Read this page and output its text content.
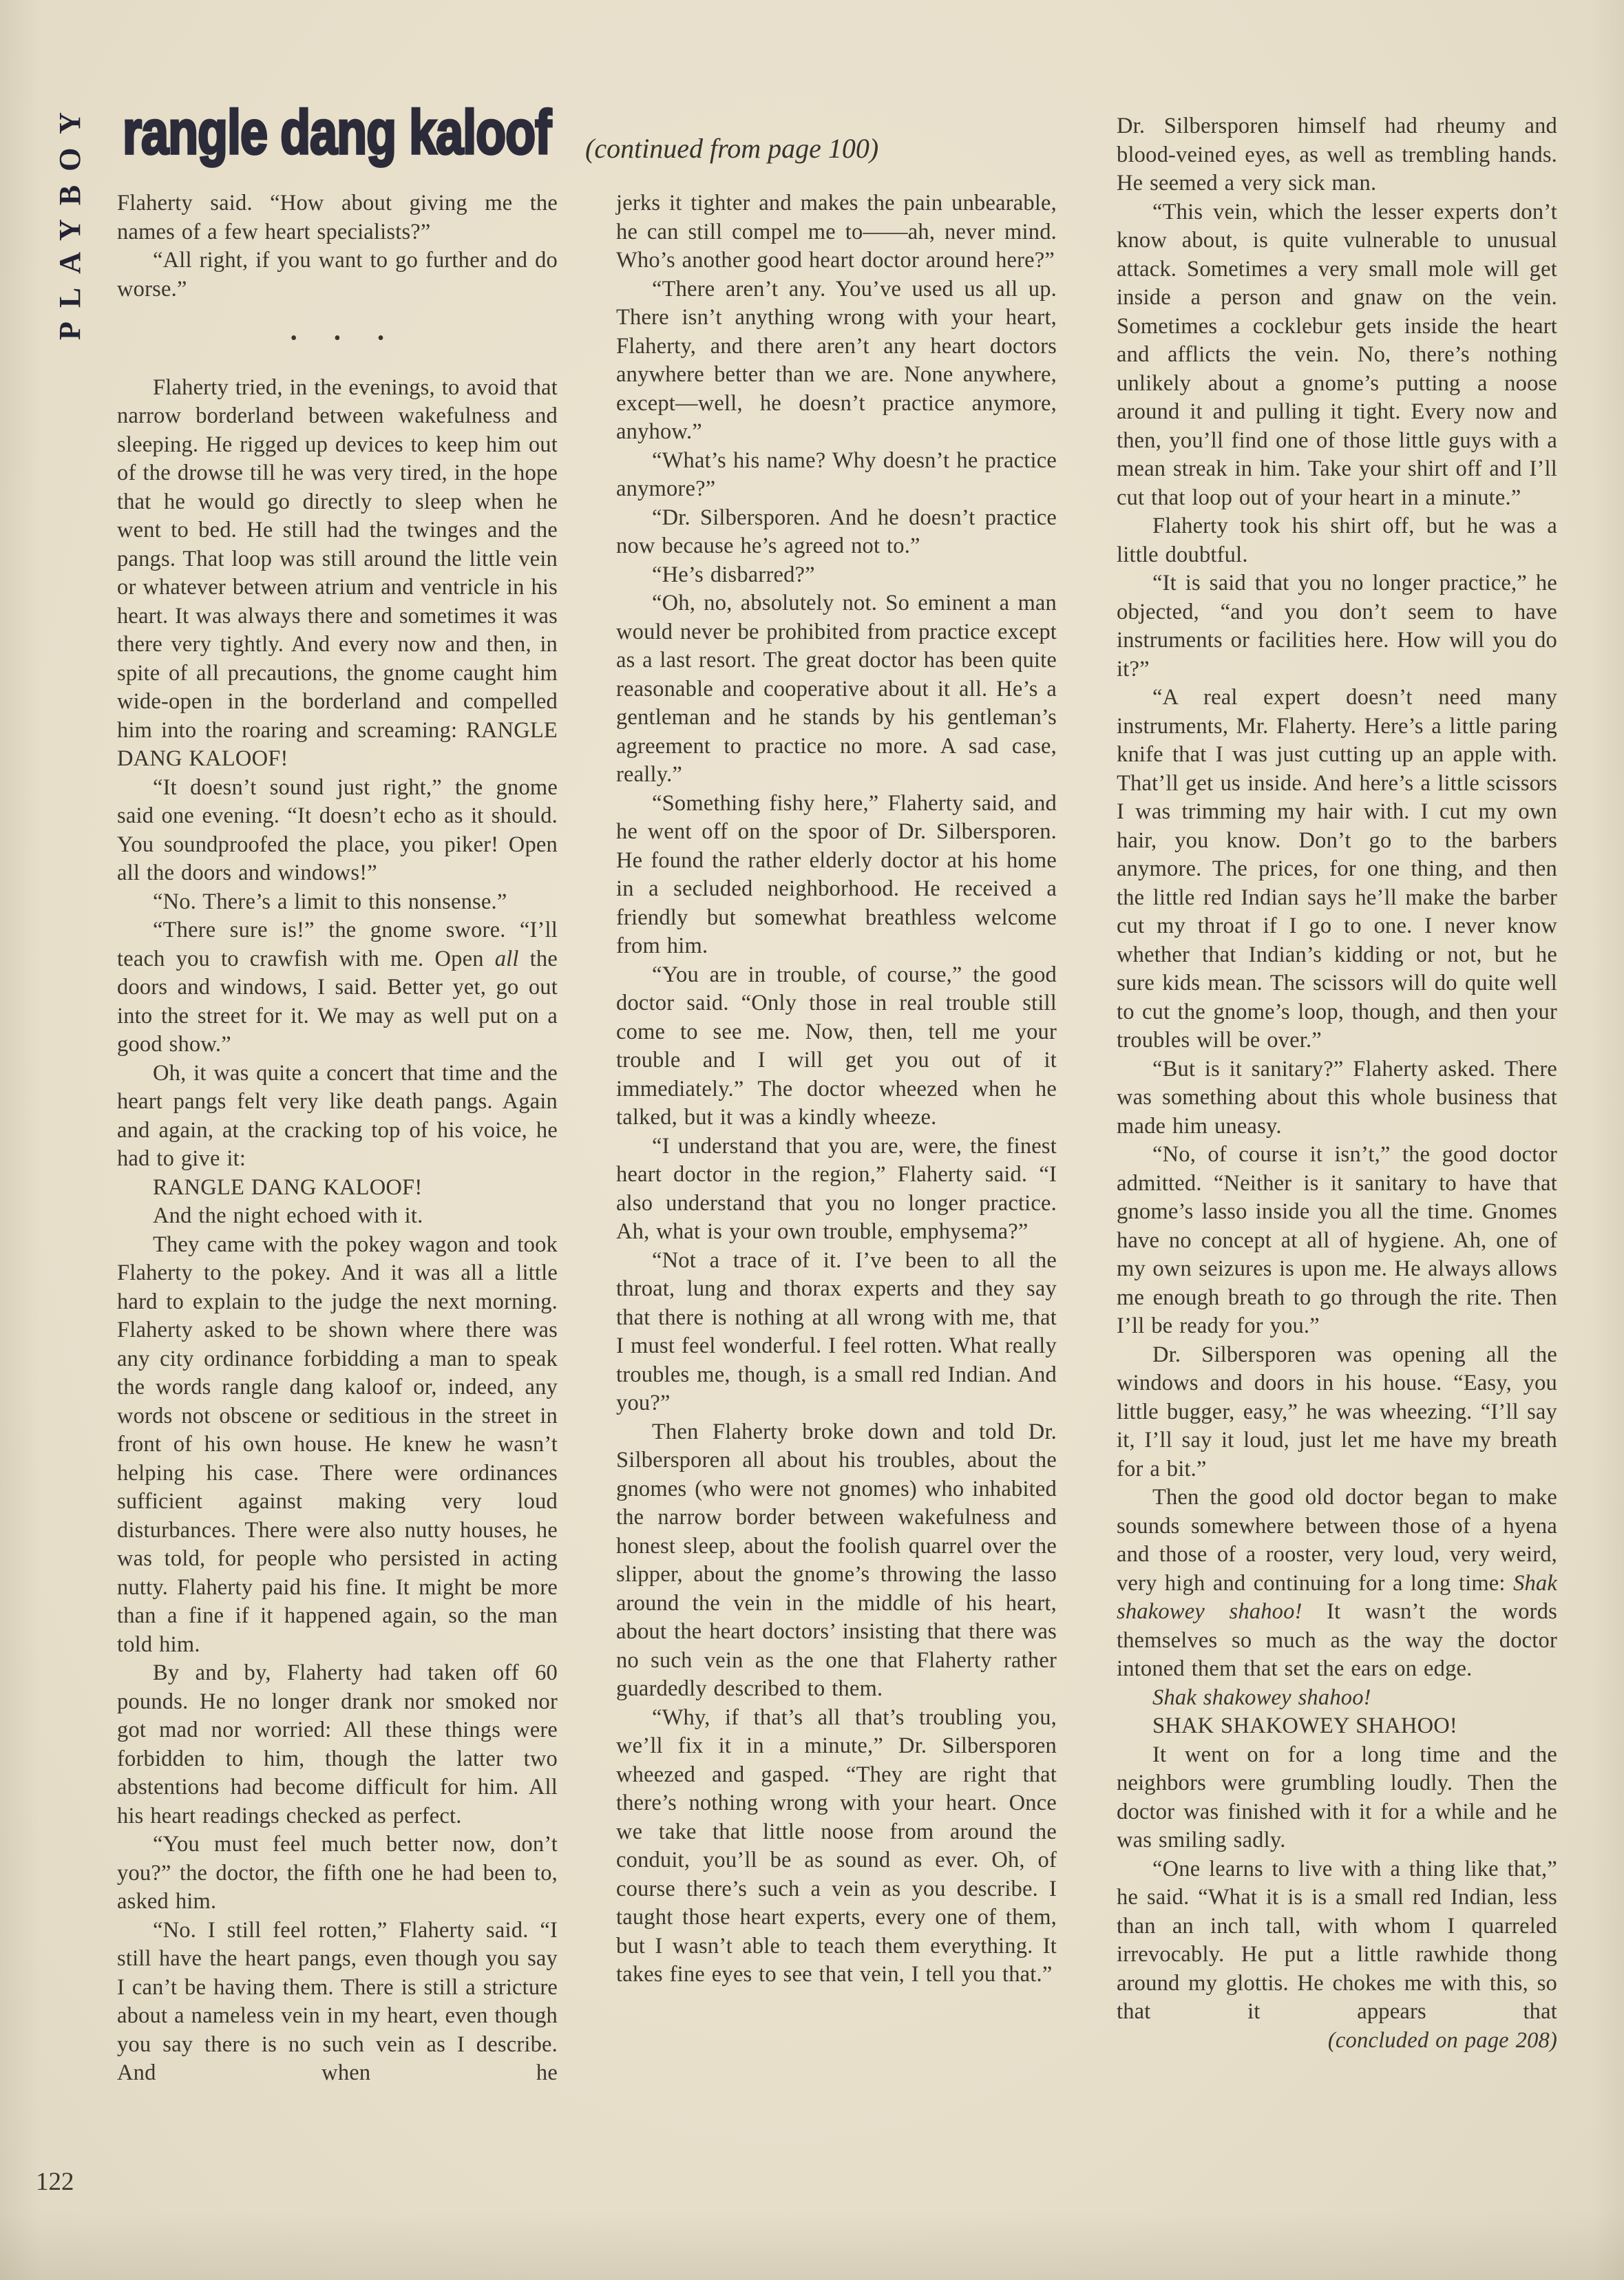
PLAYBOY rangle dang kaloof (continued from page 100)

Flaherty said. “How about giving me the names of a few heart specialists?”

“All right, if you want to go further and do worse.”

• • •

Flaherty tried, in the evenings, to avoid that narrow borderland between wakefulness and sleeping. He rigged up devices to keep him out of the drowse till he was very tired, in the hope that he would go directly to sleep when he went to bed. He still had the twinges and the pangs. That loop was still around the little vein or whatever between atrium and ventricle in his heart. It was always there and sometimes it was there very tightly. And every now and then, in spite of all precautions, the gnome caught him wide-open in the borderland and compelled him into the roaring and screaming: RANGLE DANG KALOOF!

“It doesn’t sound just right,” the gnome said one evening. “It doesn’t echo as it should. You soundproofed the place, you piker! Open all the doors and windows!”

“No. There’s a limit to this nonsense.”

“There sure is!” the gnome swore. “I’ll teach you to crawfish with me. Open all the doors and windows, I said. Better yet, go out into the street for it. We may as well put on a good show.”

Oh, it was quite a concert that time and the heart pangs felt very like death pangs. Again and again, at the cracking top of his voice, he had to give it:

RANGLE DANG KALOOF!

And the night echoed with it.

They came with the pokey wagon and took Flaherty to the pokey. And it was all a little hard to explain to the judge the next morning. Flaherty asked to be shown where there was any city ordinance forbidding a man to speak the words rangle dang kaloof or, indeed, any words not obscene or seditious in the street in front of his own house. He knew he wasn’t helping his case. There were ordinances sufficient against making very loud disturbances. There were also nutty houses, he was told, for people who persisted in acting nutty. Flaherty paid his fine. It might be more than a fine if it happened again, so the man told him.

By and by, Flaherty had taken off 60 pounds. He no longer drank nor smoked nor got mad nor worried: All these things were forbidden to him, though the latter two abstentions had become difficult for him. All his heart readings checked as perfect.

“You must feel much better now, don’t you?” the doctor, the fifth one he had been to, asked him.

“No. I still feel rotten,” Flaherty said. “I still have the heart pangs, even though you say I can’t be having them. There is still a stricture about a nameless vein in my heart, even though you say there is no such vein as I describe. And when he

jerks it tighter and makes the pain unbearable, he can still compel me to——ah, never mind. Who’s another good heart doctor around here?”

“There aren’t any. You’ve used us all up. There isn’t anything wrong with your heart, Flaherty, and there aren’t any heart doctors anywhere better than we are. None anywhere, except—well, he doesn’t practice anymore, anyhow.”

“What’s his name? Why doesn’t he practice anymore?”

“Dr. Silbersporen. And he doesn’t practice now because he’s agreed not to.”

“He’s disbarred?”

“Oh, no, absolutely not. So eminent a man would never be prohibited from practice except as a last resort. The great doctor has been quite reasonable and cooperative about it all. He’s a gentleman and he stands by his gentleman’s agreement to practice no more. A sad case, really.”

“Something fishy here,” Flaherty said, and he went off on the spoor of Dr. Silbersporen. He found the rather elderly doctor at his home in a secluded neighborhood. He received a friendly but somewhat breathless welcome from him.

“You are in trouble, of course,” the good doctor said. “Only those in real trouble still come to see me. Now, then, tell me your trouble and I will get you out of it immediately.” The doctor wheezed when he talked, but it was a kindly wheeze.

“I understand that you are, were, the finest heart doctor in the region,” Flaherty said. “I also understand that you no longer practice. Ah, what is your own trouble, emphysema?”

“Not a trace of it. I’ve been to all the throat, lung and thorax experts and they say that there is nothing at all wrong with me, that I must feel wonderful. I feel rotten. What really troubles me, though, is a small red Indian. And you?”

Then Flaherty broke down and told Dr. Silbersporen all about his troubles, about the gnomes (who were not gnomes) who inhabited the narrow border between wakefulness and honest sleep, about the foolish quarrel over the slipper, about the gnome’s throwing the lasso around the vein in the middle of his heart, about the heart doctors’ insisting that there was no such vein as the one that Flaherty rather guardedly described to them.

“Why, if that’s all that’s troubling you, we’ll fix it in a minute,” Dr. Silbersporen wheezed and gasped. “They are right that there’s nothing wrong with your heart. Once we take that little noose from around the conduit, you’ll be as sound as ever. Oh, of course there’s such a vein as you describe. I taught those heart experts, every one of them, but I wasn’t able to teach them everything. It takes fine eyes to see that vein, I tell you that.”

Dr. Silbersporen himself had rheumy and blood-veined eyes, as well as trembling hands. He seemed a very sick man.

“This vein, which the lesser experts don’t know about, is quite vulnerable to unusual attack. Sometimes a very small mole will get inside a person and gnaw on the vein. Sometimes a cocklebur gets inside the heart and afflicts the vein. No, there’s nothing unlikely about a gnome’s putting a noose around it and pulling it tight. Every now and then, you’ll find one of those little guys with a mean streak in him. Take your shirt off and I’ll cut that loop out of your heart in a minute.”

Flaherty took his shirt off, but he was a little doubtful.

“It is said that you no longer practice,” he objected, “and you don’t seem to have instruments or facilities here. How will you do it?”

“A real expert doesn’t need many instruments, Mr. Flaherty. Here’s a little paring knife that I was just cutting up an apple with. That’ll get us inside. And here’s a little scissors I was trimming my hair with. I cut my own hair, you know. Don’t go to the barbers anymore. The prices, for one thing, and then the little red Indian says he’ll make the barber cut my throat if I go to one. I never know whether that Indian’s kidding or not, but he sure kids mean. The scissors will do quite well to cut the gnome’s loop, though, and then your troubles will be over.”

“But is it sanitary?” Flaherty asked. There was something about this whole business that made him uneasy.

“No, of course it isn’t,” the good doctor admitted. “Neither is it sanitary to have that gnome’s lasso inside you all the time. Gnomes have no concept at all of hygiene. Ah, one of my own seizures is upon me. He always allows me enough breath to go through the rite. Then I’ll be ready for you.”

Dr. Silbersporen was opening all the windows and doors in his house. “Easy, you little bugger, easy,” he was wheezing. “I’ll say it, I’ll say it loud, just let me have my breath for a bit.”

Then the good old doctor began to make sounds somewhere between those of a hyena and those of a rooster, very loud, very weird, very high and continuing for a long time: Shak shakowey shahoo! It wasn’t the words themselves so much as the way the doctor intoned them that set the ears on edge.

Shak shakowey shahoo!

SHAK SHAKOWEY SHAHOO!

It went on for a long time and the neighbors were grumbling loudly. Then the doctor was finished with it for a while and he was smiling sadly.

“One learns to live with a thing like that,” he said. “What it is is a small red Indian, less than an inch tall, with whom I quarreled irrevocably. He put a little rawhide thong around my glottis. He chokes me with this, so that it appears that

(concluded on page 208)

122
